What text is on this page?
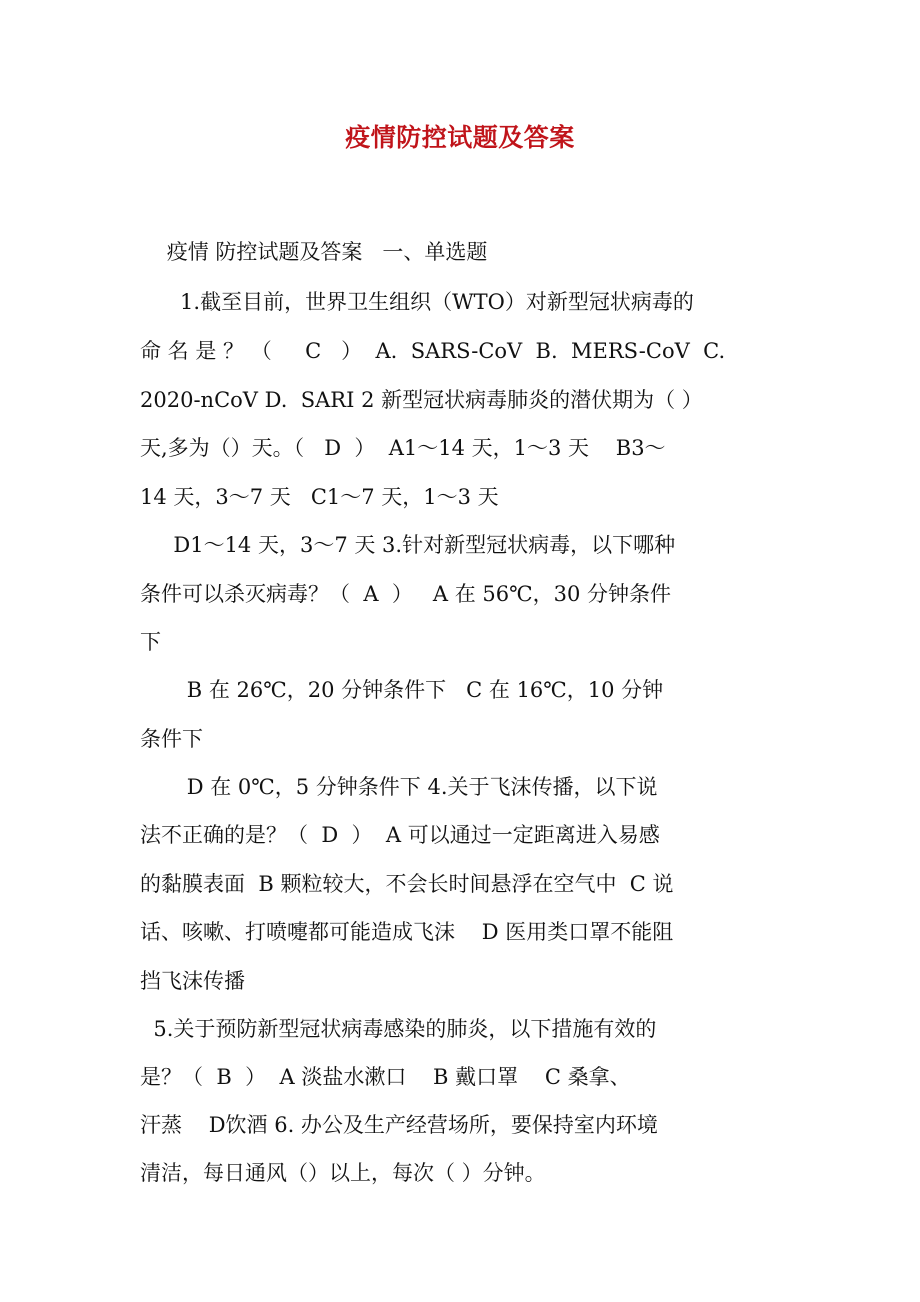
疫情防控试题及答案
疫情 防控试题及答案   一、单选题
1.截至目前，世界卫生组织（WTO）对新型冠状病毒的
命 名 是 ？ （     C   ）  A.  SARS-CoV  B.  MERS-CoV  C.
2020-nCoV D.  SARI 2 新型冠状病毒肺炎的潜伏期为（ ）
天,多为（）天。（   D  ）  A1～14 天，1～3 天    B3～
14 天，3～7 天   C1～7 天，1～3 天
D1～14 天，3～7 天 3.针对新型冠状病毒，以下哪种
条件可以杀灭病毒？（  A  ）   A 在 56℃，30 分钟条件
下
B 在 26℃，20 分钟条件下   C 在 16℃，10 分钟
条件下
D 在 0℃，5 分钟条件下 4.关于飞沫传播，以下说
法不正确的是？（  D  ）  A 可以通过一定距离进入易感
的黏膜表面  B 颗粒较大，不会长时间悬浮在空气中  C 说
话、咳嗽、打喷嚏都可能造成飞沫    D 医用类口罩不能阻
挡飞沫传播
5.关于预防新型冠状病毒感染的肺炎，以下措施有效的
是？（  B  ）  A 淡盐水漱口    B 戴口罩    C 桑拿、
汗蒸    D饮酒 6. 办公及生产经营场所，要保持室内环境
清洁，每日通风（）以上，每次（ ）分钟。
